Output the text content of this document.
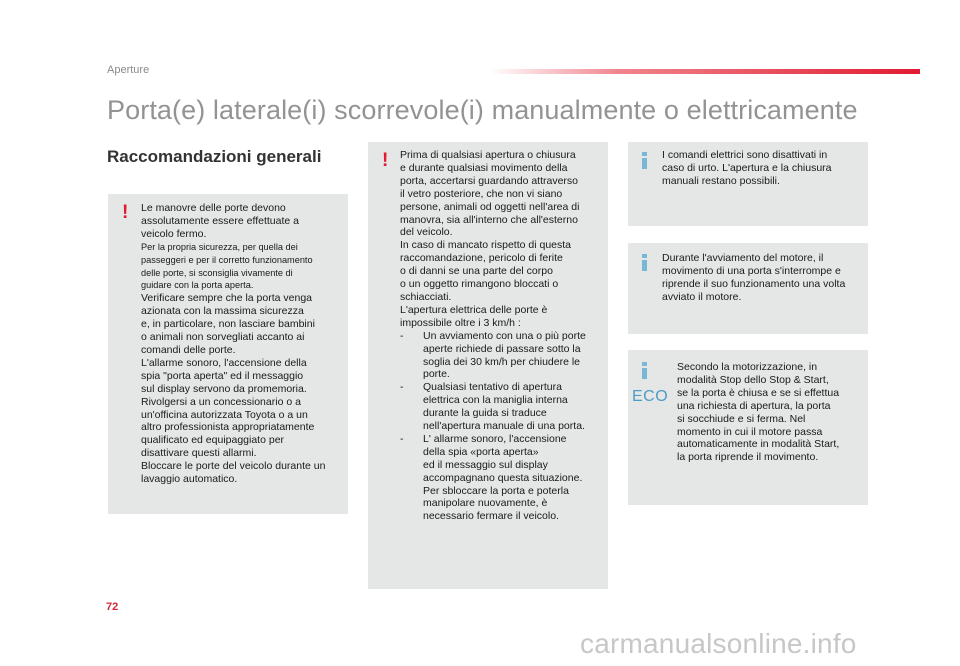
Aperture
Porta(e) laterale(i) scorrevole(i) manualmente o elettricamente
Raccomandazioni generali
! Le manovre delle porte devono
assolutamente essere effettuate a
veicolo fermo.
Per la propria sicurezza, per quella dei
passeggeri e per il corretto funzionamento
delle porte, si sconsiglia vivamente di
guidare con la porta aperta.
Verificare sempre che la porta venga
azionata con la massima sicurezza
e, in particolare, non lasciare bambini
o animali non sorvegliati accanto ai
comandi delle porte.
L'allarme sonoro, l'accensione della
spia "porta aperta" ed il messaggio
sul display servono da promemoria.
Rivolgersi a un concessionario o a
un'officina autorizzata Toyota o a un
altro professionista appropriatamente
qualificato ed equipaggiato per
disattivare questi allarmi.
Bloccare le porte del veicolo durante un
lavaggio automatico.
! Prima di qualsiasi apertura o chiusura
e durante qualsiasi movimento della
porta, accertarsi guardando attraverso
il vetro posteriore, che non vi siano
persone, animali od oggetti nell'area di
manovra, sia all'interno che all'esterno
del veicolo.
In caso di mancato rispetto di questa
raccomandazione, pericolo di ferite
o di danni se una parte del corpo
o un oggetto rimangono bloccati o
schiacciati.
L'apertura elettrica delle porte è
impossibile oltre i 3 km/h :
- Un avviamento con una o più porte
aperte richiede di passare sotto la
soglia dei 30 km/h per chiudere le
porte.
- Qualsiasi tentativo di apertura
elettrica con la maniglia interna
durante la guida si traduce
nell'apertura manuale di una porta.
- L' allarme sonoro, l'accensione
della spia «porta aperta»
ed il messaggio sul display
accompagnano questa situazione.
Per sbloccare la porta e poterla
manipolare nuovamente, è
necessario fermare il veicolo.
I comandi elettrici sono disattivati in
caso di urto. L'apertura e la chiusura
manuali restano possibili.
Durante l'avviamento del motore, il
movimento di una porta s'interrompe e
riprende il suo funzionamento una volta
avviato il motore.
ECO
Secondo la motorizzazione, in
modalità Stop dello Stop & Start,
se la porta è chiusa e se si effettua
una richiesta di apertura, la porta
si socchiude e si ferma. Nel
momento in cui il motore passa
automaticamente in modalità Start,
la porta riprende il movimento.
72
carmanualsonline.info
